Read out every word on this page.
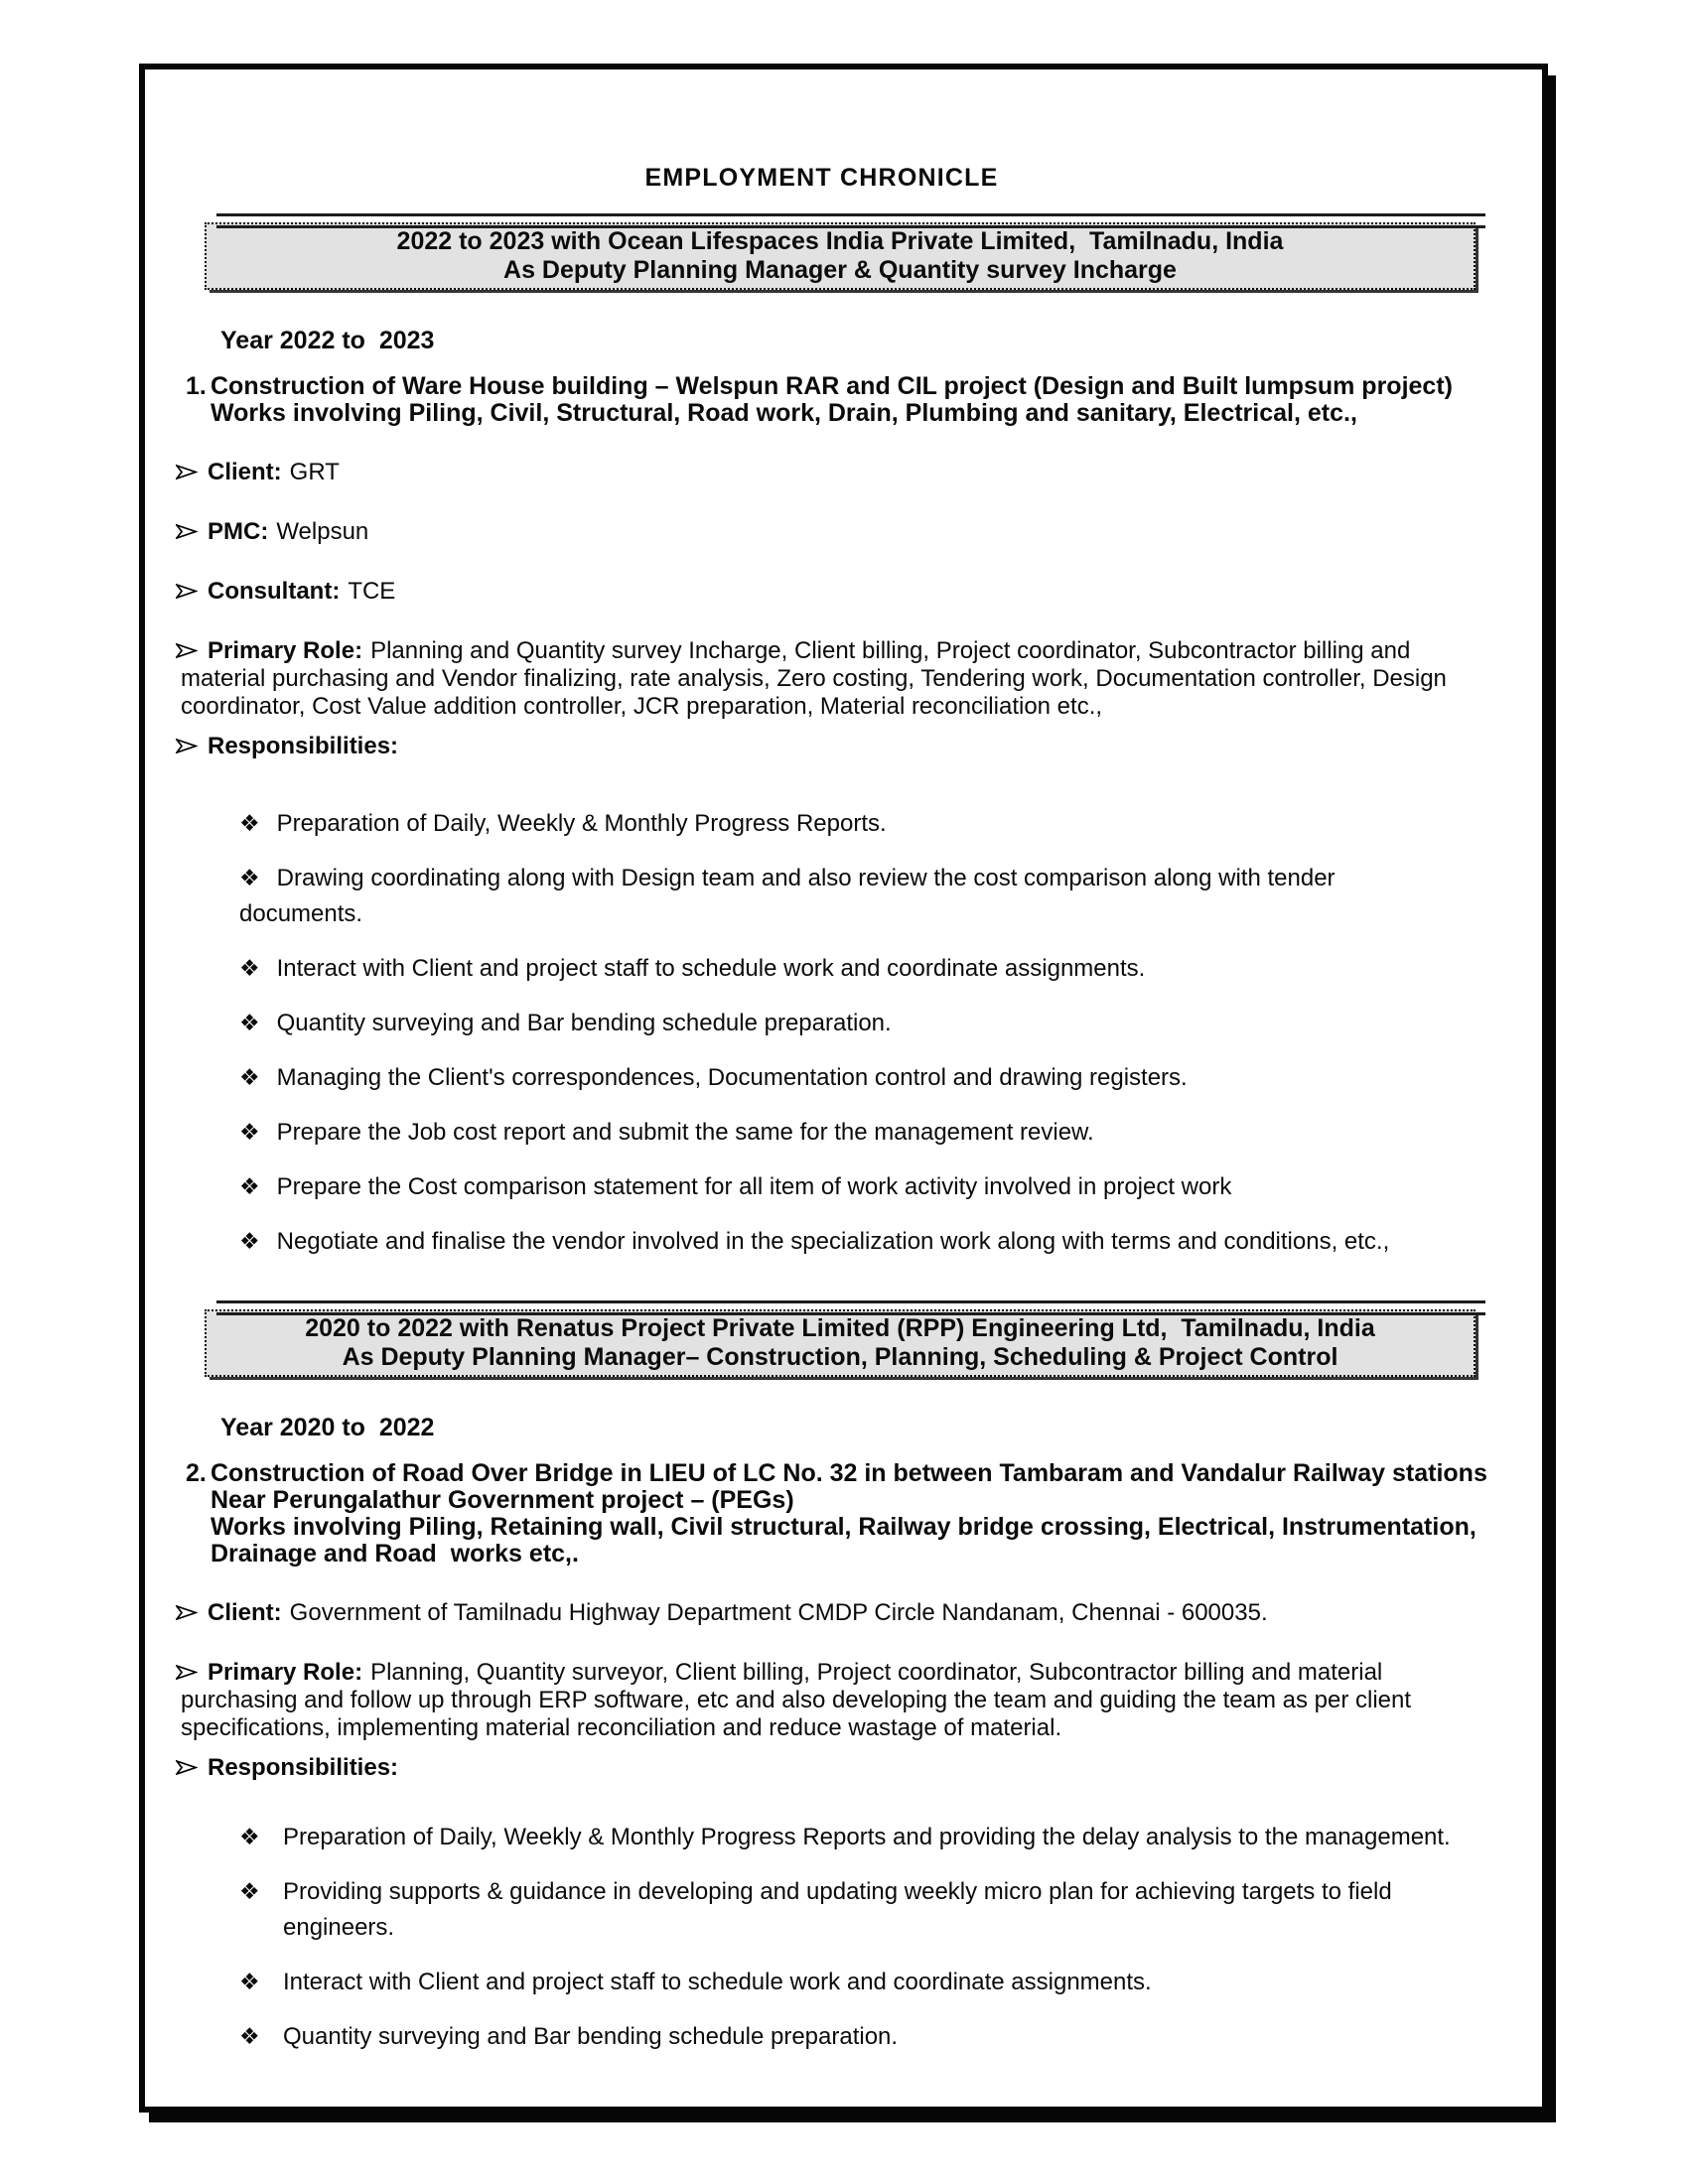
EMPLOYMENT CHRONICLE
2022 to 2023 with Ocean Lifespaces India Private Limited,  Tamilnadu, India
As Deputy Planning Manager & Quantity survey Incharge

Year 2022 to  2023

1. Construction of Ware House building – Welspun RAR and CIL project (Design and Built lumpsum project)
Works involving Piling, Civil, Structural, Road work, Drain, Plumbing and sanitary, Electrical, etc.,

Client: GRT

PMC: Welpsun

Consultant: TCE

Primary Role: Planning and Quantity survey Incharge, Client billing, Project coordinator, Subcontractor billing and material purchasing and Vendor finalizing, rate analysis, Zero costing, Tendering work, Documentation controller, Design coordinator, Cost Value addition controller, JCR preparation, Material reconciliation etc.,

Responsibilities:

❖ Preparation of Daily, Weekly & Monthly Progress Reports.

❖ Drawing coordinating along with Design team and also review the cost comparison along with tender documents.

❖ Interact with Client and project staff to schedule work and coordinate assignments.

❖ Quantity surveying and Bar bending schedule preparation.

❖ Managing the Client's correspondences, Documentation control and drawing registers.

❖ Prepare the Job cost report and submit the same for the management review.

❖ Prepare the Cost comparison statement for all item of work activity involved in project work

❖ Negotiate and finalise the vendor involved in the specialization work along with terms and conditions, etc.,

2020 to 2022 with Renatus Project Private Limited (RPP) Engineering Ltd,  Tamilnadu, India
As Deputy Planning Manager– Construction, Planning, Scheduling & Project Control

Year 2020 to  2022

2. Construction of Road Over Bridge in LIEU of LC No. 32 in between Tambaram and Vandalur Railway stations
Near Perungalathur Government project – (PEGs)
Works involving Piling, Retaining wall, Civil structural, Railway bridge crossing, Electrical, Instrumentation,
Drainage and Road  works etc,.

Client: Government of Tamilnadu Highway Department CMDP Circle Nandanam, Chennai - 600035.

Primary Role: Planning, Quantity surveyor, Client billing, Project coordinator, Subcontractor billing and material purchasing and follow up through ERP software, etc and also developing the team and guiding the team as per client specifications, implementing material reconciliation and reduce wastage of material.

Responsibilities:

❖ Preparation of Daily, Weekly & Monthly Progress Reports and providing the delay analysis to the management.

❖ Providing supports & guidance in developing and updating weekly micro plan for achieving targets to field engineers.

❖ Interact with Client and project staff to schedule work and coordinate assignments.

❖ Quantity surveying and Bar bending schedule preparation.
